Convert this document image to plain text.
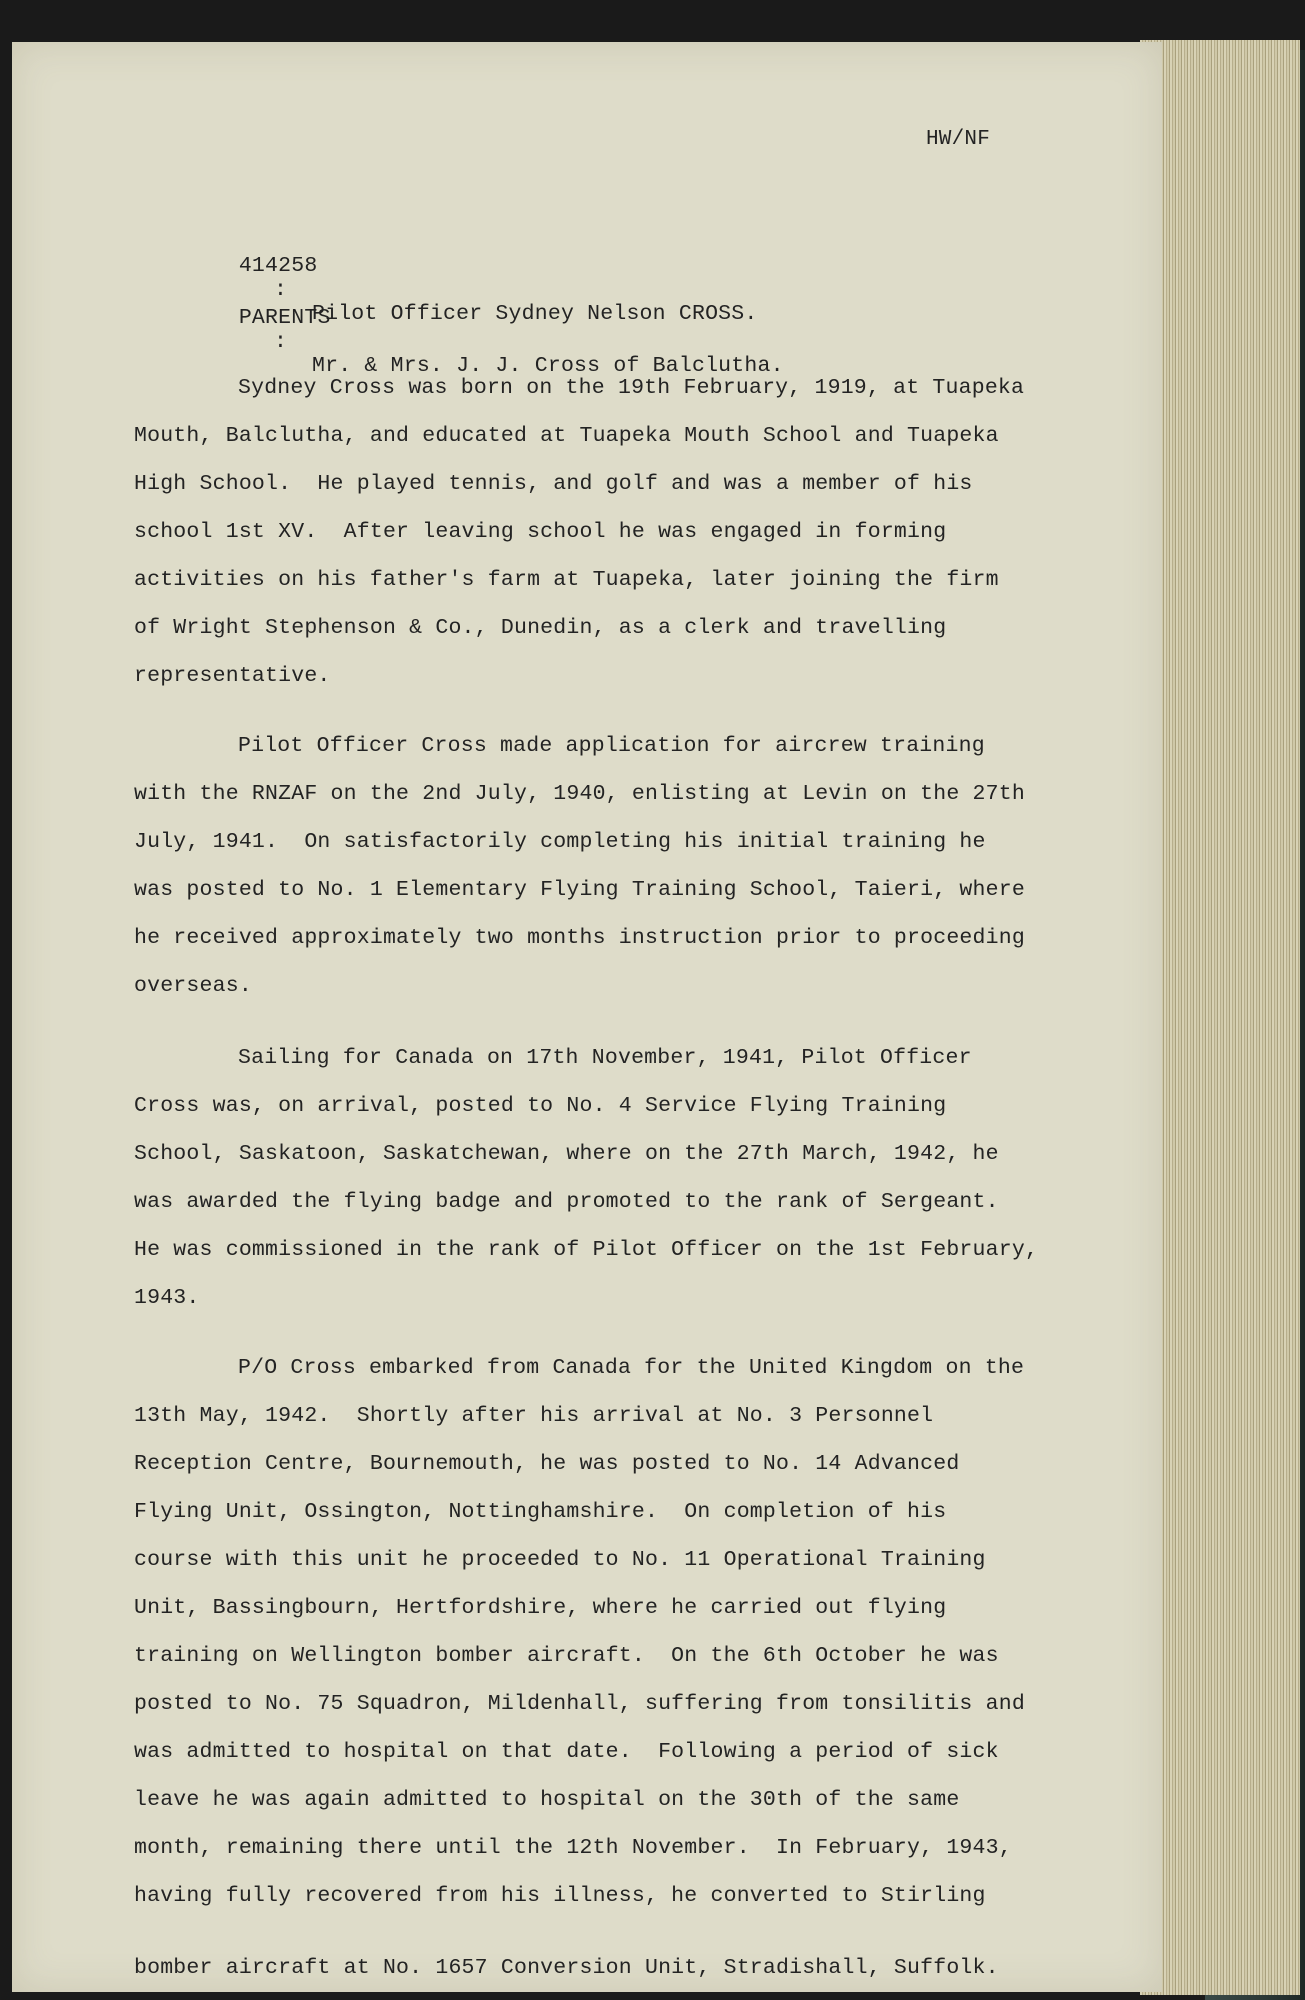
HW/NF

414258

:

Pilot Officer Sydney Nelson CROSS.

PARENTS

:

Mr. & Mrs. J. J. Cross of Balclutha.

Sydney Cross was born on the 19th February, 1919, at Tuapeka
Mouth, Balclutha, and educated at Tuapeka Mouth School and Tuapeka
High School.  He played tennis, and golf and was a member of his
school 1st XV.  After leaving school he was engaged in forming
activities on his father's farm at Tuapeka, later joining the firm
of Wright Stephenson & Co., Dunedin, as a clerk and travelling
representative.
Pilot Officer Cross made application for aircrew training
with the RNZAF on the 2nd July, 1940, enlisting at Levin on the 27th
July, 1941.  On satisfactorily completing his initial training he
was posted to No. 1 Elementary Flying Training School, Taieri, where
he received approximately two months instruction prior to proceeding
overseas.
Sailing for Canada on 17th November, 1941, Pilot Officer
Cross was, on arrival, posted to No. 4 Service Flying Training
School, Saskatoon, Saskatchewan, where on the 27th March, 1942, he
was awarded the flying badge and promoted to the rank of Sergeant.
He was commissioned in the rank of Pilot Officer on the 1st February,
1943.
P/O Cross embarked from Canada for the United Kingdom on the
13th May, 1942.  Shortly after his arrival at No. 3 Personnel
Reception Centre, Bournemouth, he was posted to No. 14 Advanced
Flying Unit, Ossington, Nottinghamshire.  On completion of his
course with this unit he proceeded to No. 11 Operational Training
Unit, Bassingbourn, Hertfordshire, where he carried out flying
training on Wellington bomber aircraft.  On the 6th October he was
posted to No. 75 Squadron, Mildenhall, suffering from tonsilitis and
was admitted to hospital on that date.  Following a period of sick
leave he was again admitted to hospital on the 30th of the same
month, remaining there until the 12th November.  In February, 1943,
having fully recovered from his illness, he converted to Stirling
bomber aircraft at No. 1657 Conversion Unit, Stradishall, Suffolk.
